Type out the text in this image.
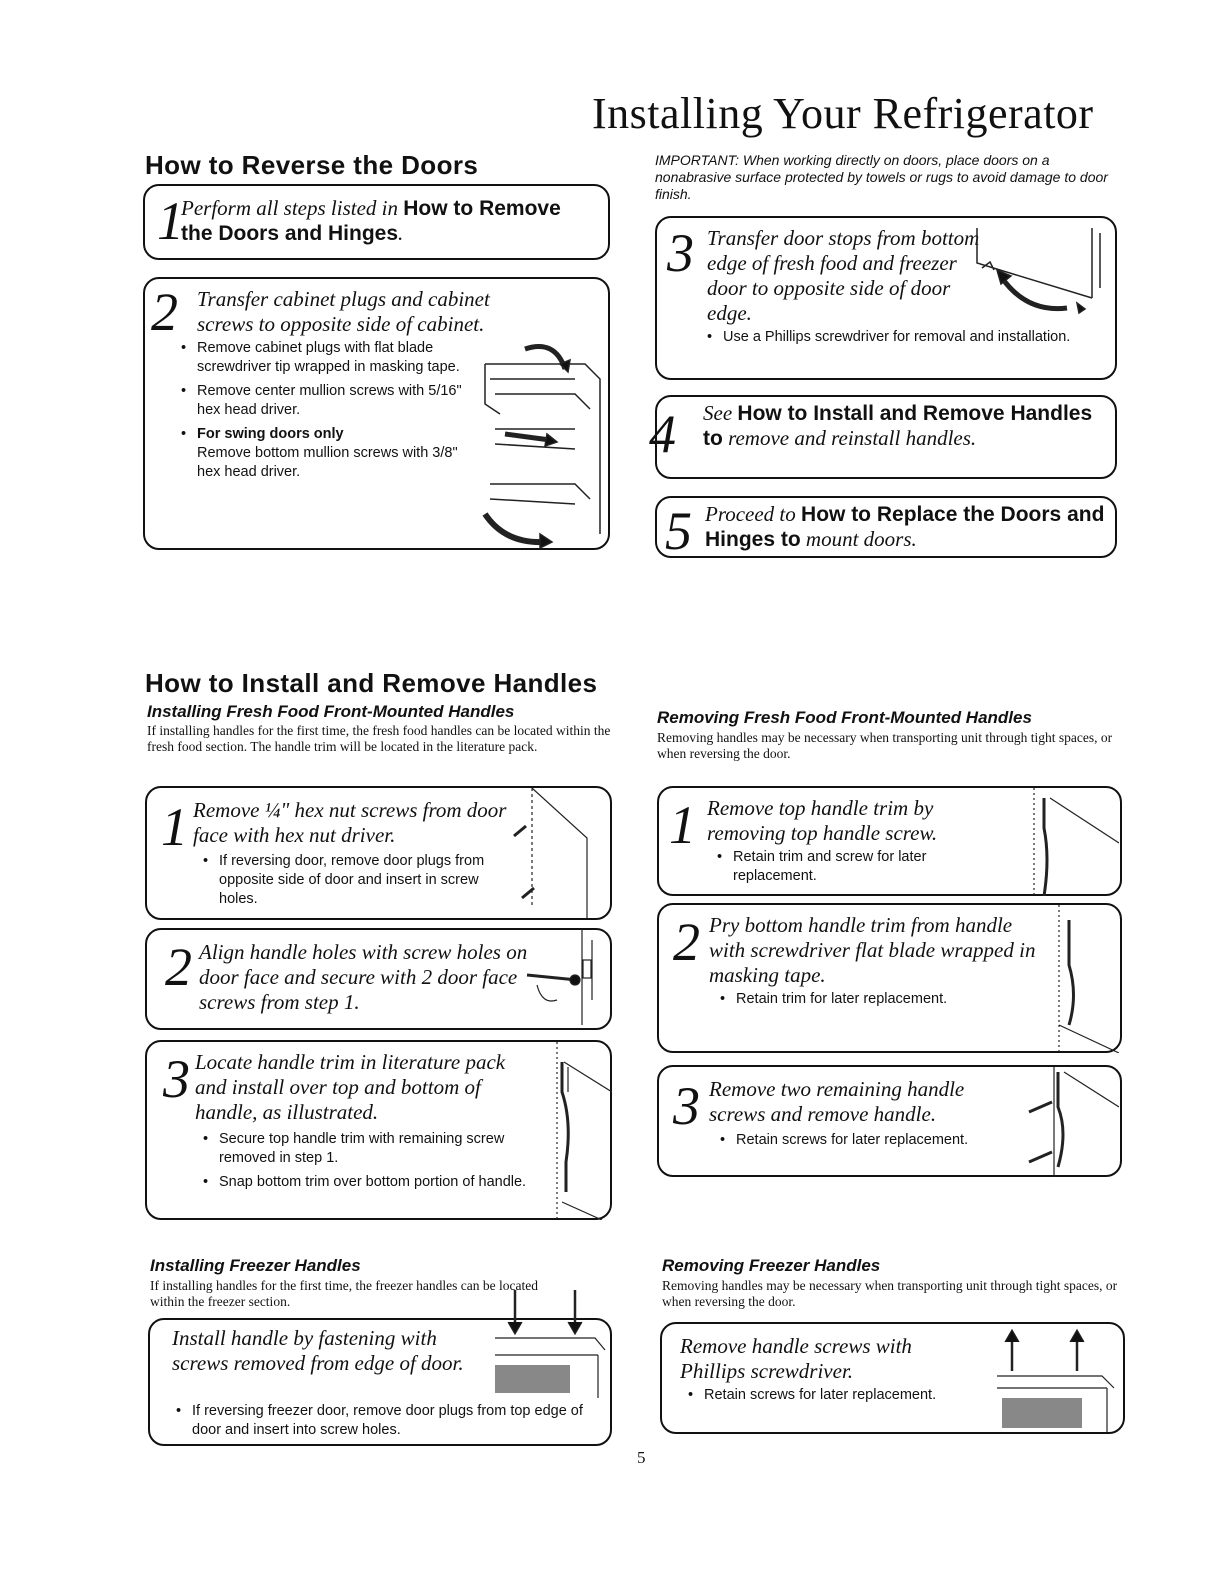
Installing Your Refrigerator
How to Reverse the Doors	IMPORTANT: When working directly on doors, place doors on a nonabrasive surface protected by towels or rugs to avoid damage to door finish.
1
Perform all steps listed in How to Remove the Doors and Hinges.
2 Transfer cabinet plugs and cabinet screws to opposite side of cabinet.
• Remove cabinet plugs with flat blade screwdriver tip wrapped in masking tape.
• Remove center mullion screws with 5/16" hex head driver.
• For swing doors only
Remove bottom mullion screws with 3/8" hex head driver.
3 Transfer door stops from bottom edge of fresh food and freezer door to opposite side of door edge.
• Use a Phillips screwdriver for removal and installation.
4 See How to Install and Remove Handles to remove and reinstall handles.
5 Proceed to How to Replace the Doors and Hinges to mount doors.
How to Install and Remove Handles
Installing Fresh Food Front-Mounted Handles
If installing handles for the first time, the fresh food handles can be located within the fresh food section. The handle trim will be located in the literature pack.
1 Remove ¼" hex nut screws from door face with hex nut driver.
• If reversing door, remove door plugs from opposite side of door and insert in screw holes.
2 Align handle holes with screw holes on door face and secure with 2 door face screws from step 1.
3 Locate handle trim in literature pack and install over top and bottom of handle, as illustrated.
• Secure top handle trim with remaining screw removed in step 1.
• Snap bottom trim over bottom portion of handle.
Removing Fresh Food Front-Mounted Handles
Removing handles may be necessary when transporting unit through tight spaces, or when reversing the door.
1 Remove top handle trim by removing top handle screw.
• Retain trim and screw for later replacement.
2 Pry bottom handle trim from handle with screwdriver flat blade wrapped in masking tape.
• Retain trim for later replacement.
3 Remove two remaining handle screws and remove handle.
• Retain screws for later replacement.
Installing Freezer Handles
If installing handles for the first time, the freezer handles can be located within the freezer section.
Install handle by fastening with screws removed from edge of door.
• If reversing freezer door, remove door plugs from top edge of door and insert into screw holes.
Removing Freezer Handles
Removing handles may be necessary when transporting unit through tight spaces, or when reversing the door.
Remove handle screws with Phillips screwdriver.
• Retain screws for later replacement.
5
